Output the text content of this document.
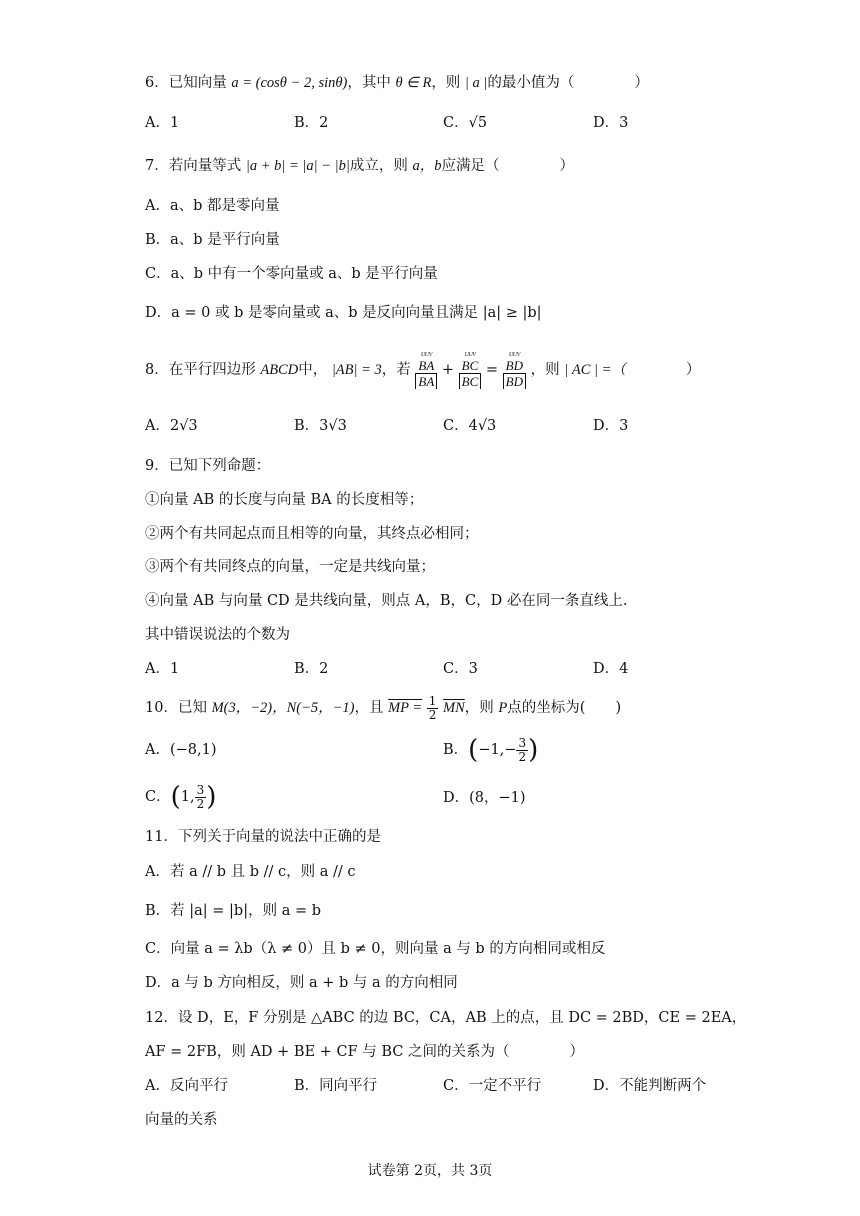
6．已知向量 a = (cosθ − 2, sinθ)，其中 θ ∈ R，则 | a |的最小值为（	）
A．1	B．2	C．√5	D．3
7．若向量等式 |a + b| = |a| − |b|成立，则 a，b应满足（	）
A．a、b 都是零向量
B．a、b 是平行向量
C．a、b 中有一个零向量或 a、b 是平行向量
D．a = 0 或 b 是零向量或 a、b 是反向向量且满足 |a| ≥ |b|
8．在平行四边形 ABCD中， |AB| = 3，若
UUV
BA
BA
+
UUV
BC
BC
=
UUV
BD
BD
，则 | AC | =（	）
A．2√3	B．3√3	C．4√3	D．3
9．已知下列命题：
①向量 AB 的长度与向量 BA 的长度相等；
②两个有共同起点而且相等的向量，其终点必相同；
③两个有共同终点的向量，一定是共线向量；
④向量 AB 与向量 CD 是共线向量，则点 A，B，C，D 必在同一条直线上.
其中错误说法的个数为
A．1	B．2	C．3	D．4
10．已知 M(3，−2)，N(−5，−1)，且 MP = $\frac{1}{2} \overline{MN}$，则 P点的坐标为( )
A．(−8,1)	B．($-1,- \frac{3}{2}$ )
C．(1, $\frac{3}{2}$ )	D．(8，−1)
11．下列关于向量的说法中正确的是
A．若 a // b 且 b // c，则 a // c
B．若 |a| = |b|，则 a = b
C．向量 a = λb（λ ≠ 0）且 b ≠ 0，则向量 a 与 b 的方向相同或相反
D．a 与 b 方向相反，则 a + b 与 a 的方向相同
12．设 D，E，F 分别是 △ABC 的边 BC，CA，AB 上的点，且 DC = 2BD，CE = 2EA，
AF = 2FB，则 AD + BE + CF 与 BC 之间的关系为（	）
A．反向平行	B．同向平行	C．一定不平行	D．不能判断两个
向量的关系
试卷第 2页，共 3页
